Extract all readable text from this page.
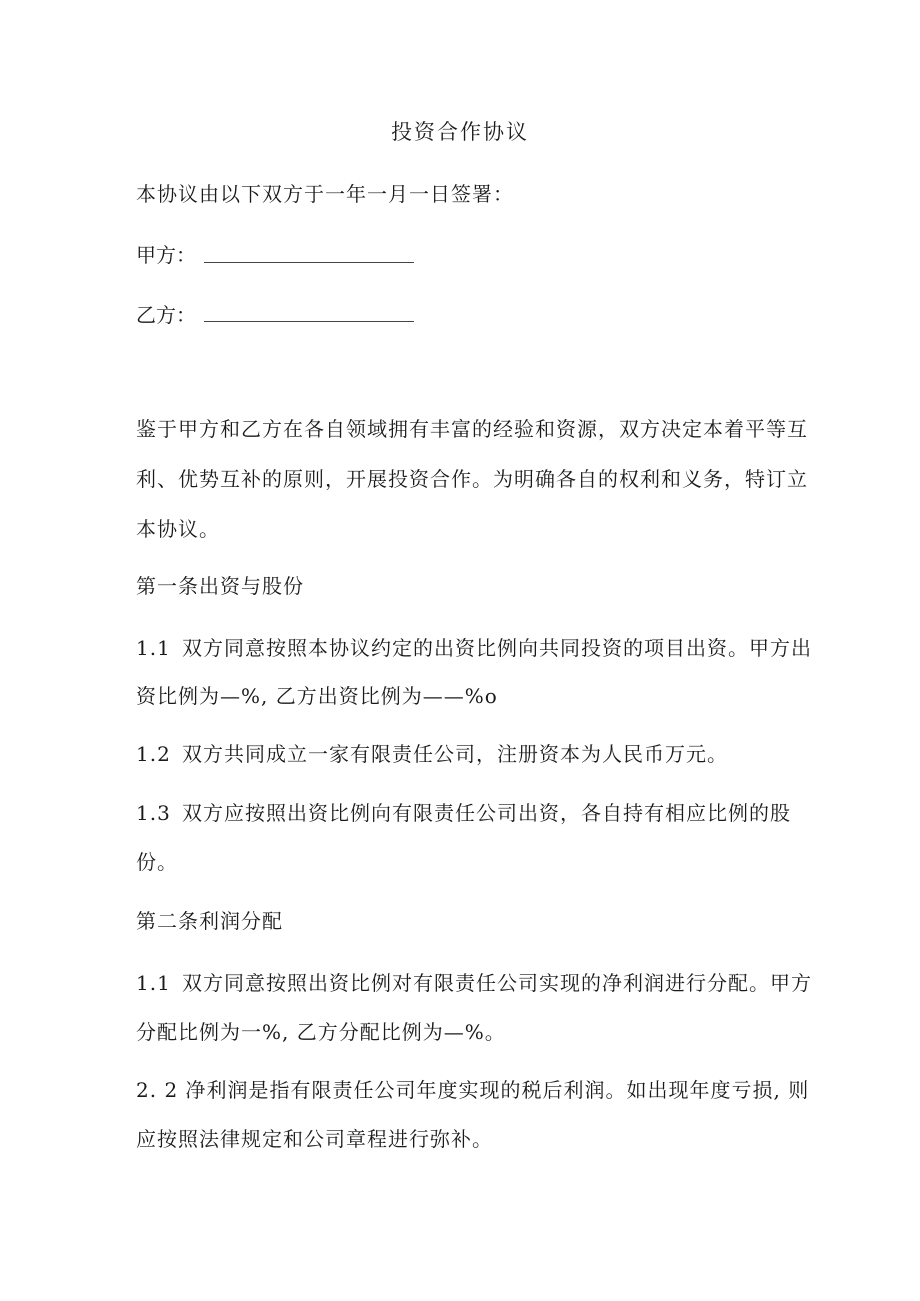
投资合作协议
本协议由以下双方于一年一月一日签署：
甲方：
乙方：
鉴于甲方和乙方在各自领域拥有丰富的经验和资源，双方决定本着平等互
利、优势互补的原则，开展投资合作。为明确各自的权利和义务，特订立
本协议。
第一条出资与股份
1.1 双方同意按照本协议约定的出资比例向共同投资的项目出资。甲方出
资比例为—%, 乙方出资比例为——%o
1.2 双方共同成立一家有限责任公司，注册资本为人民币万元。
1.3 双方应按照出资比例向有限责任公司出资，各自持有相应比例的股
份。
第二条利润分配
1.1 双方同意按照出资比例对有限责任公司实现的净利润进行分配。甲方
分配比例为一%, 乙方分配比例为—%。
2. 2 净利润是指有限责任公司年度实现的税后利润。如出现年度亏损, 则
应按照法律规定和公司章程进行弥补。
